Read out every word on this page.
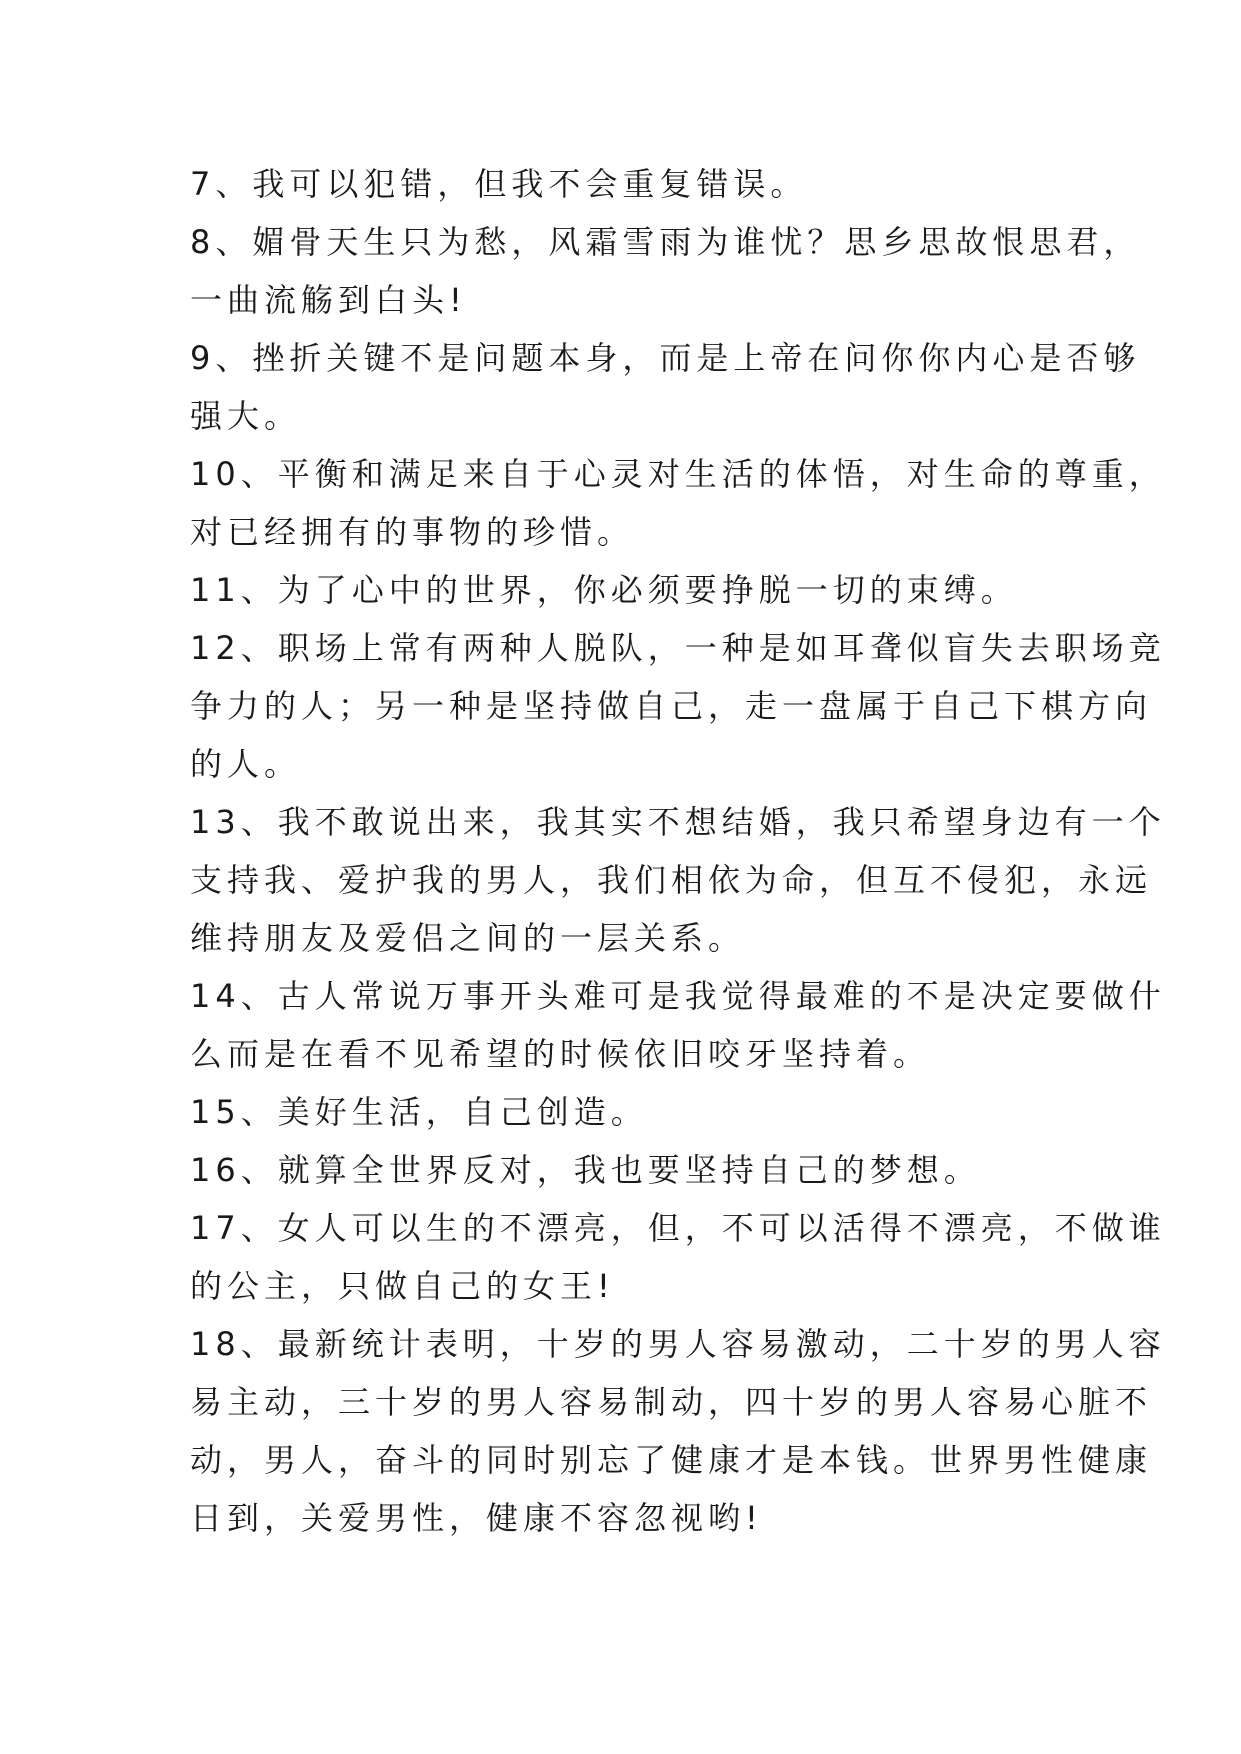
7、我可以犯错，但我不会重复错误。

8、媚骨天生只为愁，风霜雪雨为谁忧？思乡思故恨思君，
一曲流觞到白头!

9、挫折关键不是问题本身，而是上帝在问你你内心是否够
强大。

10、平衡和满足来自于心灵对生活的体悟，对生命的尊重，
对已经拥有的事物的珍惜。

11、为了心中的世界，你必须要挣脱一切的束缚。

12、职场上常有两种人脱队，一种是如耳聋似盲失去职场竞
争力的人；另一种是坚持做自己，走一盘属于自己下棋方向
的人。

13、我不敢说出来，我其实不想结婚，我只希望身边有一个
支持我、爱护我的男人，我们相依为命，但互不侵犯，永远
维持朋友及爱侣之间的一层关系。

14、古人常说万事开头难可是我觉得最难的不是决定要做什
么而是在看不见希望的时候依旧咬牙坚持着。

15、美好生活，自己创造。

16、就算全世界反对，我也要坚持自己的梦想。

17、女人可以生的不漂亮，但，不可以活得不漂亮，不做谁
的公主，只做自己的女王!

18、最新统计表明，十岁的男人容易激动，二十岁的男人容
易主动，三十岁的男人容易制动，四十岁的男人容易心脏不
动，男人，奋斗的同时别忘了健康才是本钱。世界男性健康
日到，关爱男性，健康不容忽视哟!
